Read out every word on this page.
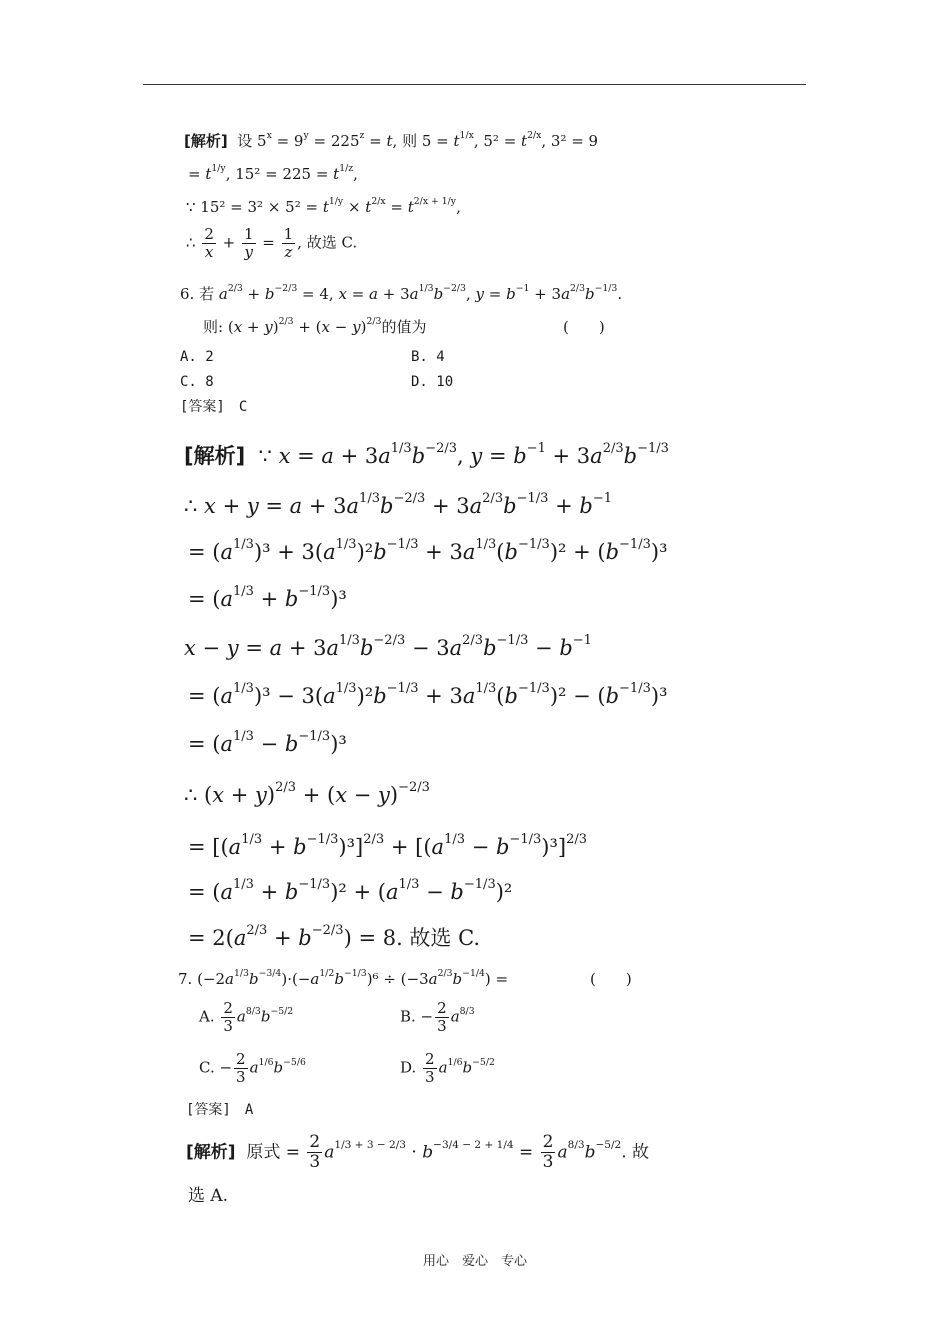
[解析]  设 $5^x = 9^y = 225^z = t$, 则 $5 = t^{1/x}$, $5^2 = t^{2/x}$, 3² = 9
= $t^{1/y}$, $15^2 = 225 = t^{1/z}$,
∵ $15^2 = 3^2 \times 5^2 = t^{1/y} \times t^{2/x} = t^{2/x + 1/y}$,
∴ $\frac{2}{x} + \frac{1}{y} = \frac{1}{z}$ , 故选 C.
6. 若 $a^{2/3} + b^{-2/3} = 4$, $x = a + 3a^{1/3}b^{-2/3}$, $y = b^{-1} + 3a^{2/3}b^{-1/3}$.
则: $(x + y)^{2/3} + (x - y)^{2/3}$的值为	(　　)
A. 2	B. 4
C. 8	D. 10
[答案]　C
[解析]  ∵ $x = a + 3a^{1/3}b^{-2/3}$, $y = b^{-1} + 3a^{2/3}b^{-1/3}$
∴ $x + y = a + 3a^{1/3}b^{-2/3} + 3a^{2/3}b^{-1/3} + b^{-1}$
= $(a^{1/3})^3 + 3(a^{1/3})^2b^{-1/3} + 3a^{1/3}(b^{-1/3})^2 + (b^{-1/3})^3$
= $(a^{1/3} + b^{-1/3})^3$
$x - y = a + 3a^{1/3}b^{-2/3} - 3a^{2/3}b^{-1/3} - b^{-1}$
= $(a^{1/3})^3 - 3(a^{1/3})^2b^{-1/3} + 3a^{1/3}(b^{-1/3})^2 - (b^{-1/3})^3$
= $(a^{1/3} - b^{-1/3})^3$
∴ $(x + y)^{2/3} + (x - y)^{-2/3}$
= $[(a^{1/3} + b^{-1/3})^3]^{2/3} + [(a^{1/3} - b^{-1/3})^3]^{2/3}$
= $(a^{1/3} + b^{-1/3})^2 + (a^{1/3} - b^{-1/3})^2$
= $2(a^{2/3} + b^{-2/3}) = 8$. 故选 C.
7. $(-2a^{1/3}b^{-3/4})\cdot(-a^{1/2}b^{-1/3})^6 \div (-3a^{2/3}b^{-1/4})$ =	(　　)
A. $\frac{2}{3} a^{8/3}b^{-5/2}$	B. − $\frac{2}{3} a^{8/3}$
C. − $\frac{2}{3} a^{1/6}b^{-5/6}$	D. $\frac{2}{3} a^{1/6}b^{-5/2}$
[答案]　A
[解析]  原式 = $\frac{2}{3} a^{1/3 + 3 - 2/3} \cdot b^{-3/4 - 2 + 1/4} = \frac{2}{3} a^{8/3}b^{-5/2}$. 故
选 A.
用心　爱心　专心
